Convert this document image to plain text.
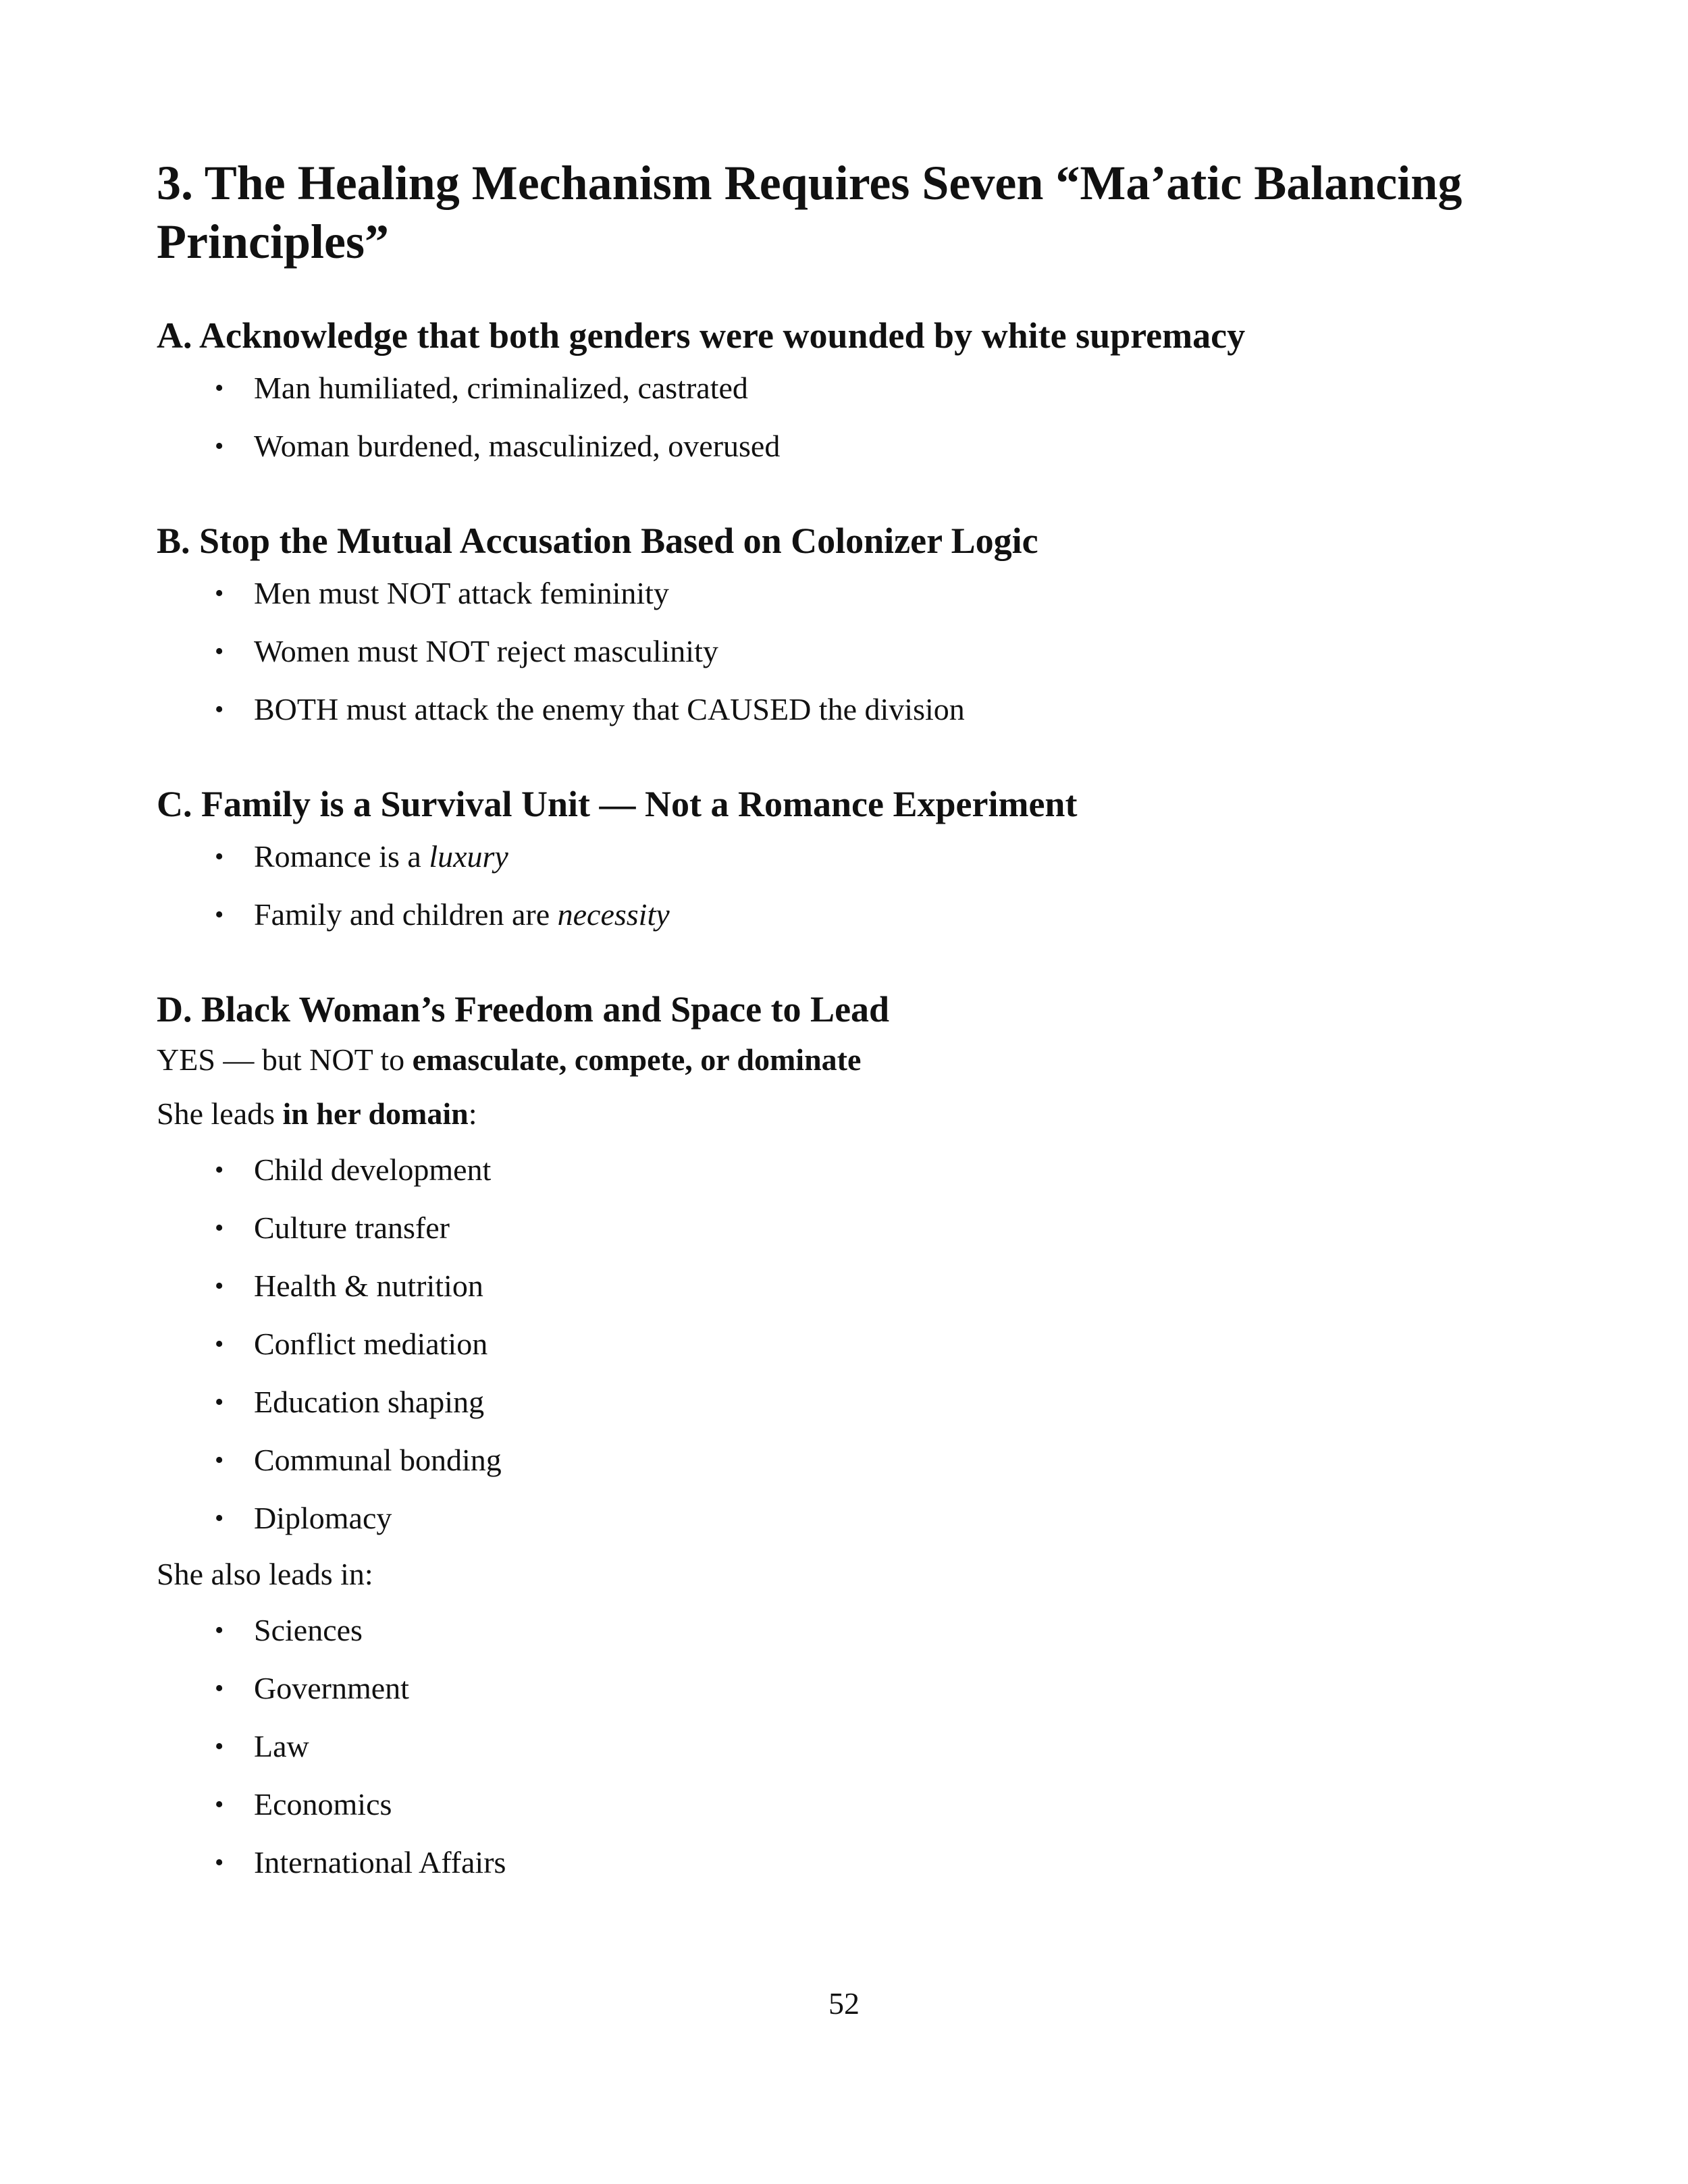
3. The Healing Mechanism Requires Seven “Ma’atic Balancing Principles”
A. Acknowledge that both genders were wounded by white supremacy
• Man humiliated, criminalized, castrated
• Woman burdened, masculinized, overused
B. Stop the Mutual Accusation Based on Colonizer Logic
• Men must NOT attack femininity
• Women must NOT reject masculinity
• BOTH must attack the enemy that CAUSED the division
C. Family is a Survival Unit — Not a Romance Experiment
• Romance is a luxury
• Family and children are necessity
D. Black Woman’s Freedom and Space to Lead

YES — but NOT to emasculate, compete, or dominate

She leads in her domain:

• Child development
• Culture transfer
• Health & nutrition
• Conflict mediation
• Education shaping
• Communal bonding
• Diplomacy

She also leads in:

• Sciences
• Government
• Law
• Economics
• International Affairs
52
